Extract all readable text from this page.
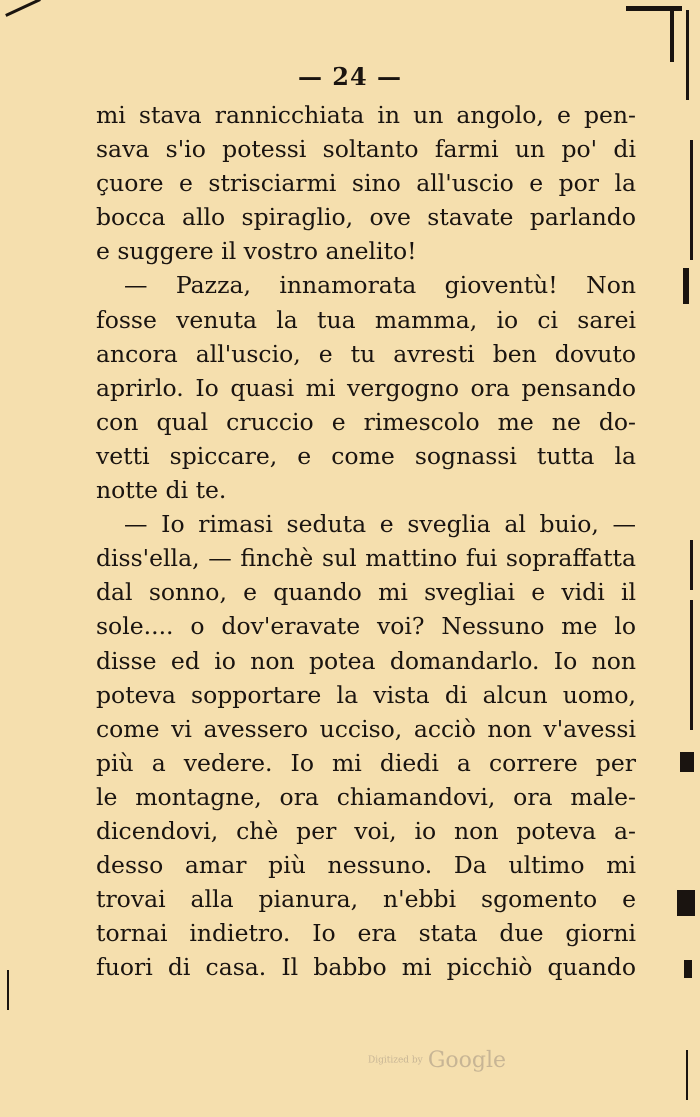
— 24 —
mi stava rannicchiata in un angolo, e pen-
sava s'io potessi soltanto farmi un po' di
çuore e strisciarmi sino all'uscio e por la
bocca allo spiraglio, ove stavate parlando
e suggere il vostro anelito!
— Pazza, innamorata gioventù! Non
fosse venuta la tua mamma, io ci sarei
ancora all'uscio, e tu avresti ben dovuto
aprirlo. Io quasi mi vergogno ora pensando
con qual cruccio e rimescolo me ne do-
vetti spiccare, e come sognassi tutta la
notte di te.
— Io rimasi seduta e sveglia al buio, —
diss'ella, — finchè sul mattino fui sopraffatta
dal sonno, e quando mi svegliai e vidi il
sole.... o dov'eravate voi? Nessuno me lo
disse ed io non potea domandarlo. Io non
poteva sopportare la vista di alcun uomo,
come vi avessero ucciso, acciò non v'avessi
più a vedere. Io mi diedi a correre per
le montagne, ora chiamandovi, ora male-
dicendovi, chè per voi, io non poteva a-
desso amar più nessuno. Da ultimo mi
trovai alla pianura, n'ebbi sgomento e
tornai indietro. Io era stata due giorni
fuori di casa. Il babbo mi picchiò quando
Digitized by Google
